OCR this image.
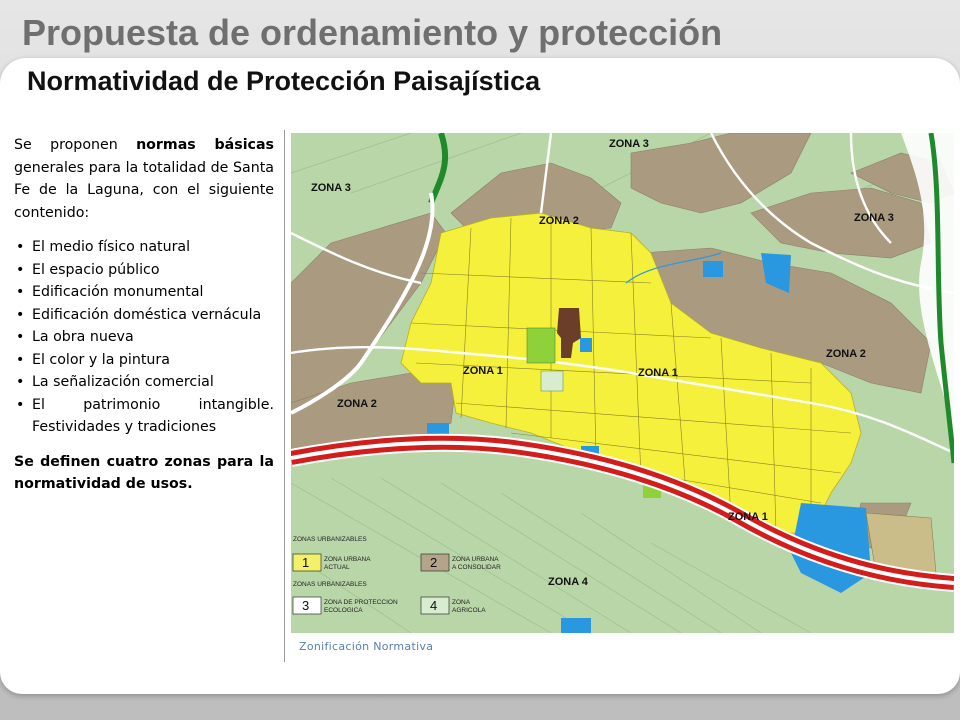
Propuesta de ordenamiento y protección
Normatividad de Protección Paisajística

Se proponen normas básicas generales para la totalidad de Santa Fe de la Laguna, con el siguiente contenido:

• El medio físico natural
• El espacio público
• Edificación monumental
• Edificación doméstica vernácula
• La obra nueva
• El color y la pintura
• La señalización comercial
• El patrimonio intangible. Festividades y tradiciones

Se definen cuatro zonas para la normatividad de usos.

ZONA 3
ZONA 3
ZONA 3
ZONA 2
ZONA 2
ZONA 2
ZONA 1	ZONA 1
ZONA 1
ZONA 4
ZONAS URBANIZABLES
1 ZONA URBANA
ACTUAL	2 ZONA URBANA
A CONSOLIDAR
ZONAS URBANIZABLES
3 ZONA DE PROTECCION
ECOLOGICA	4 ZONA
AGRICOLA
Zonificación Normativa
